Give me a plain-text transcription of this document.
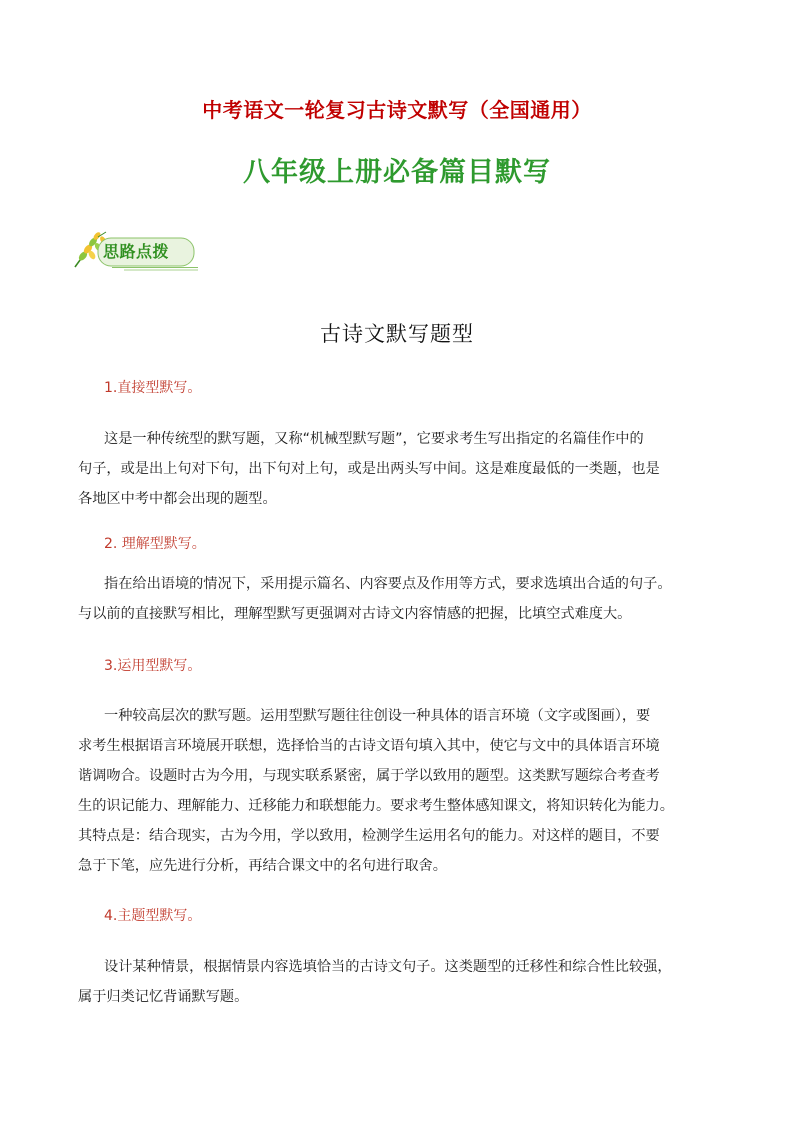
中考语文一轮复习古诗文默写（全国通用）
八年级上册必备篇目默写
思路点拨
古诗文默写题型
1.直接型默写。
这是一种传统型的默写题，又称“机械型默写题”，它要求考生写出指定的名篇佳作中的
句子，或是出上句对下句，出下句对上句，或是出两头写中间。这是难度最低的一类题，也是
各地区中考中都会出现的题型。
2. 理解型默写。
指在给出语境的情况下，采用提示篇名、内容要点及作用等方式，要求选填出合适的句子。
与以前的直接默写相比，理解型默写更强调对古诗文内容情感的把握，比填空式难度大。
3.运用型默写。
一种较高层次的默写题。运用型默写题往往创设一种具体的语言环境（文字或图画），要
求考生根据语言环境展开联想，选择恰当的古诗文语句填入其中，使它与文中的具体语言环境
谐调吻合。设题时古为今用，与现实联系紧密，属于学以致用的题型。这类默写题综合考查考
生的识记能力、理解能力、迁移能力和联想能力。要求考生整体感知课文，将知识转化为能力。
其特点是：结合现实，古为今用，学以致用，检测学生运用名句的能力。对这样的题目，不要
急于下笔，应先进行分析，再结合课文中的名句进行取舍。
4.主题型默写。
设计某种情景，根据情景内容选填恰当的古诗文句子。这类题型的迁移性和综合性比较强，
属于归类记忆背诵默写题。
